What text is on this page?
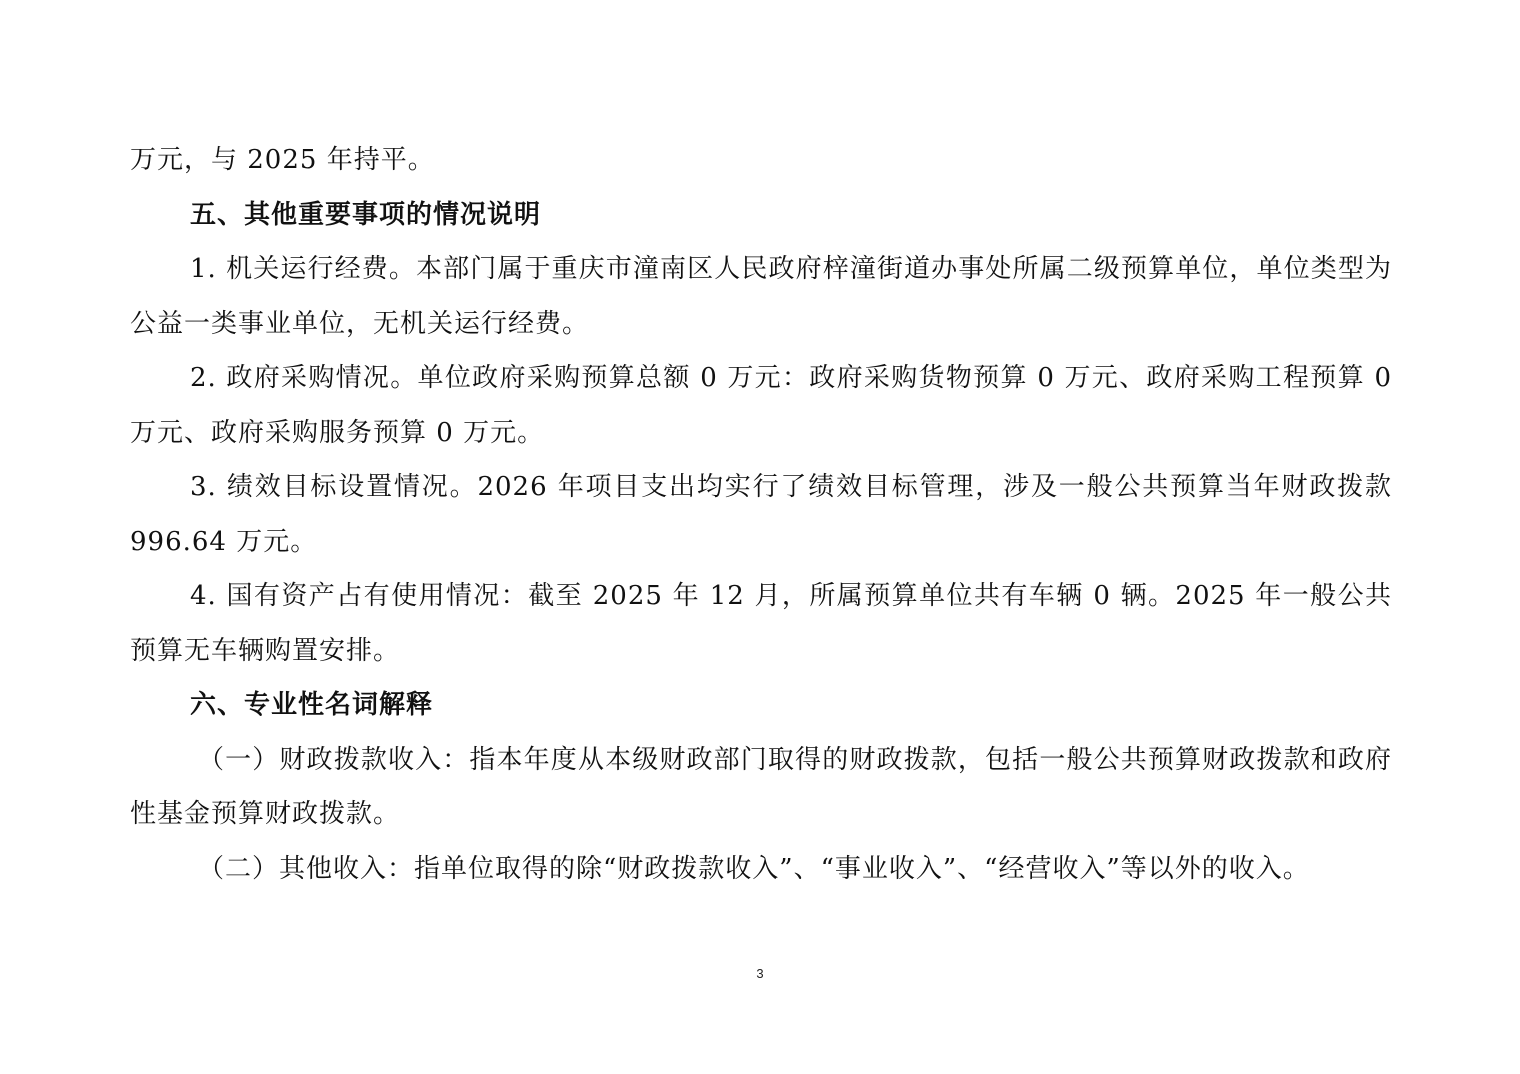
万元，与 2025 年持平。

五、其他重要事项的情况说明

1. 机关运行经费。本部门属于重庆市潼南区人民政府梓潼街道办事处所属二级预算单位，单位类型为公益一类事业单位，无机关运行经费。

2. 政府采购情况。单位政府采购预算总额 0 万元：政府采购货物预算 0 万元、政府采购工程预算 0 万元、政府采购服务预算 0 万元。

3. 绩效目标设置情况。2026 年项目支出均实行了绩效目标管理，涉及一般公共预算当年财政拨款 996.64 万元。

4. 国有资产占有使用情况：截至 2025 年 12 月，所属预算单位共有车辆 0 辆。2025 年一般公共预算无车辆购置安排。

六、专业性名词解释

（一）财政拨款收入：指本年度从本级财政部门取得的财政拨款，包括一般公共预算财政拨款和政府性基金预算财政拨款。

（二）其他收入：指单位取得的除“财政拨款收入”、“事业收入”、“经营收入”等以外的收入。

3
